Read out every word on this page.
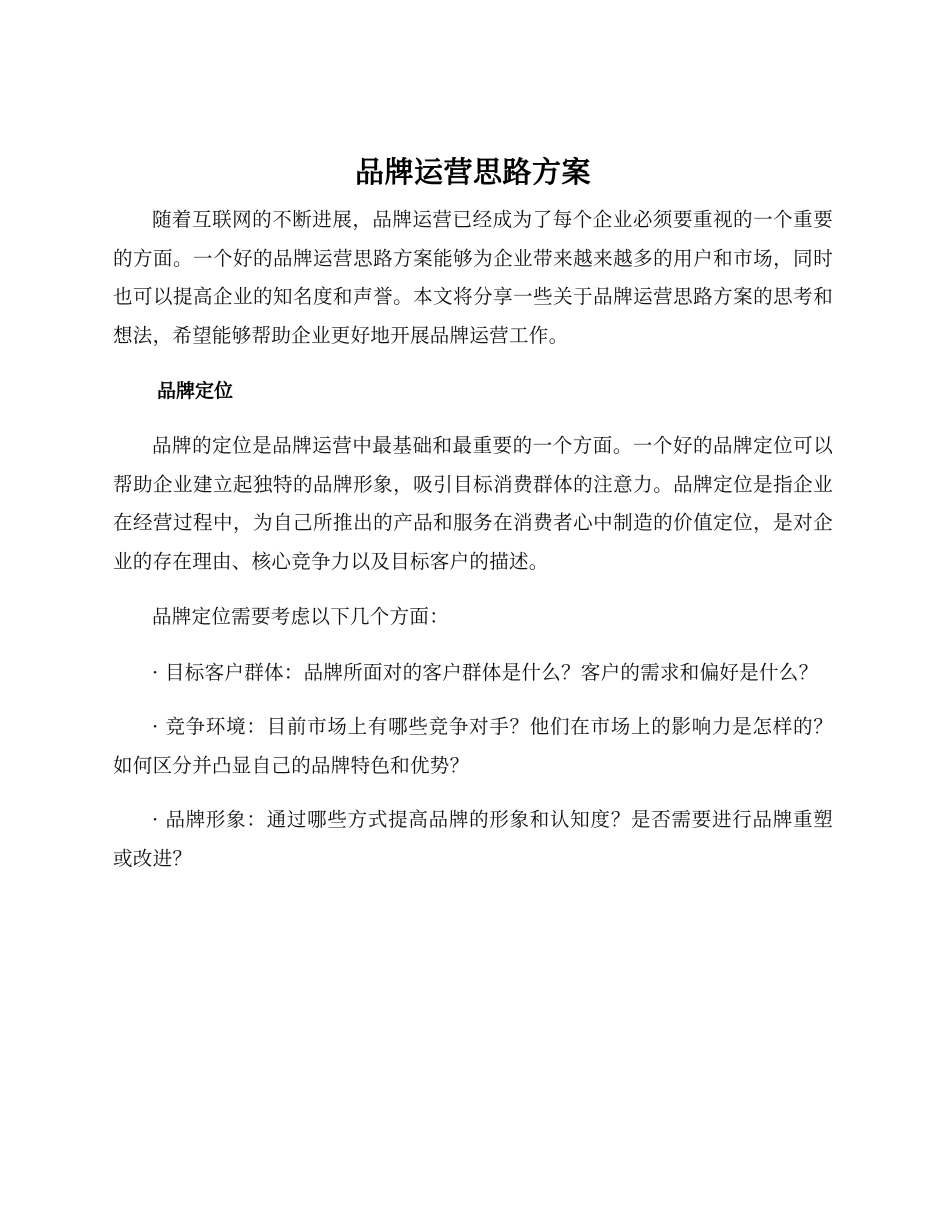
品牌运营思路方案

随着互联网的不断进展，品牌运营已经成为了每个企业必须要重视的一个重要的方面。一个好的品牌运营思路方案能够为企业带来越来越多的用户和市场，同时也可以提高企业的知名度和声誉。本文将分享一些关于品牌运营思路方案的思考和想法，希望能够帮助企业更好地开展品牌运营工作。

品牌定位

品牌的定位是品牌运营中最基础和最重要的一个方面。一个好的品牌定位可以帮助企业建立起独特的品牌形象，吸引目标消费群体的注意力。品牌定位是指企业在经营过程中，为自己所推出的产品和服务在消费者心中制造的价值定位，是对企业的存在理由、核心竞争力以及目标客户的描述。

品牌定位需要考虑以下几个方面：

· 目标客户群体：品牌所面对的客户群体是什么？客户的需求和偏好是什么？

· 竞争环境：目前市场上有哪些竞争对手？他们在市场上的影响力是怎样的？如何区分并凸显自己的品牌特色和优势？

· 品牌形象：通过哪些方式提高品牌的形象和认知度？是否需要进行品牌重塑或改进？
